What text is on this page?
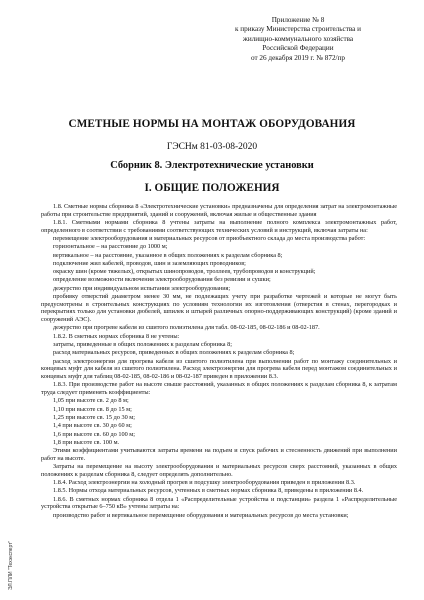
Приложение № 8
к приказу Министерства строительства и
жилищно-коммунального хозяйства
Российской Федерации
от 26 декабря 2019 г. № 872/пр
СМЕТНЫЕ НОРМЫ НА МОНТАЖ ОБОРУДОВАНИЯ
ГЭСНм 81-03-08-2020
Сборник 8. Электротехнические установки
I. ОБЩИЕ ПОЛОЖЕНИЯ

1.8. Сметные нормы сборника 8 «Электротехнические установки» предназначены для определения затрат на электромонтажные работы при строительстве предприятий, зданий и сооружений, включая жилые и общественные здания

1.8.1. Сметными нормами сборника 8 учтены затраты на выполнение полного комплекса электромонтажных работ, определенного в соответствии с требованиями соответствующих технических условий и инструкций, включая затраты на:

перемещение электрооборудования и материальных ресурсов от приобъектного склада до места производства работ:

горизонтальное – на расстояние до 1000 м;

вертикальное – на расстояние, указанное в общих положениях к разделам сборника 8;

подключение жил кабелей, проводов, шин и заземляющих проводников;

окраску шин (кроме тяжелых), открытых шинопроводов, троллеев, трубопроводов и конструкций;

определение возможности включения электрооборудования без ревизии и сушки;

дежурство при индивидуальном испытании электрооборудования;

пробивку отверстий диаметром менее 30 мм, не подлежащих учету при разработке чертежей и которые не могут быть предусмотрены в строительных конструкциях по условиям технологии их изготовления (отверстия в стенах, перегородках и перекрытиях только для установки дюбелей, шпилек и штырей различных опорно-поддерживающих конструкций) (кроме зданий и сооружений АЭС).

дежурство при прогреве кабеля из сшитого полиэтилена для табл. 08-02-185, 08-02-186 и 08-02-187.

1.8.2. В сметных нормах сборника 8 не учтены:

затраты, приведенные в общих положениях к разделам сборника 8;

расход материальных ресурсов, приведенных в общих положениях к разделам сборника 8;

расход электроэнергии для прогрева кабеля из сшитого полиэтилена при выполнении работ по монтажу соединительных и концевых муфт для кабеля из сшитого полиэтилена. Расход электроэнергии для прогрева кабеля перед монтажом соединительных и концевых муфт для таблиц 08-02-185, 08-02-186 и 08-02-187 приведен в приложении 8.3.

1.8.3. При производстве работ на высоте свыше расстояний, указанных в общих положениях к разделам сборника 8, к затратам труда следует применять коэффициенты:

1,05 при высоте св. 2 до 8 м;

1,10 при высоте св. 8 до 15 м;

1,25 при высоте св. 15 до 30 м;

1,4 при высоте св. 30 до 60 м;

1,6 при высоте св. 60 до 100 м;

1,8 при высоте св. 100 м.

Этими коэффициентами учитываются затраты времени на подъем и спуск рабочих и стесненность движений при выполнении работ на высоте.

Затраты на перемещение на высоту электрооборудования и материальных ресурсов сверх расстояний, указанных в общих положениях к разделам сборника 8, следует определять дополнительно.

1.8.4. Расход электроэнергии на холодный прогрев и подсушку электрооборудования приведен в приложении 8.3.

1.8.5. Нормы отхода материальных ресурсов, учтенных в сметных нормах сборника 8, приведены в приложении 8.4.

1.8.6. В сметных нормах сборника 8 отдела 1 «Распределительные устройства и подстанции» раздела 1 «Распределительные устройства открытые 6–750 кВ» учтены затраты на:

производство работ и вертикальное перемещение оборудования и материальных ресурсов до места установки;

ЭЛ.ПЛИ "Техэксперт"
